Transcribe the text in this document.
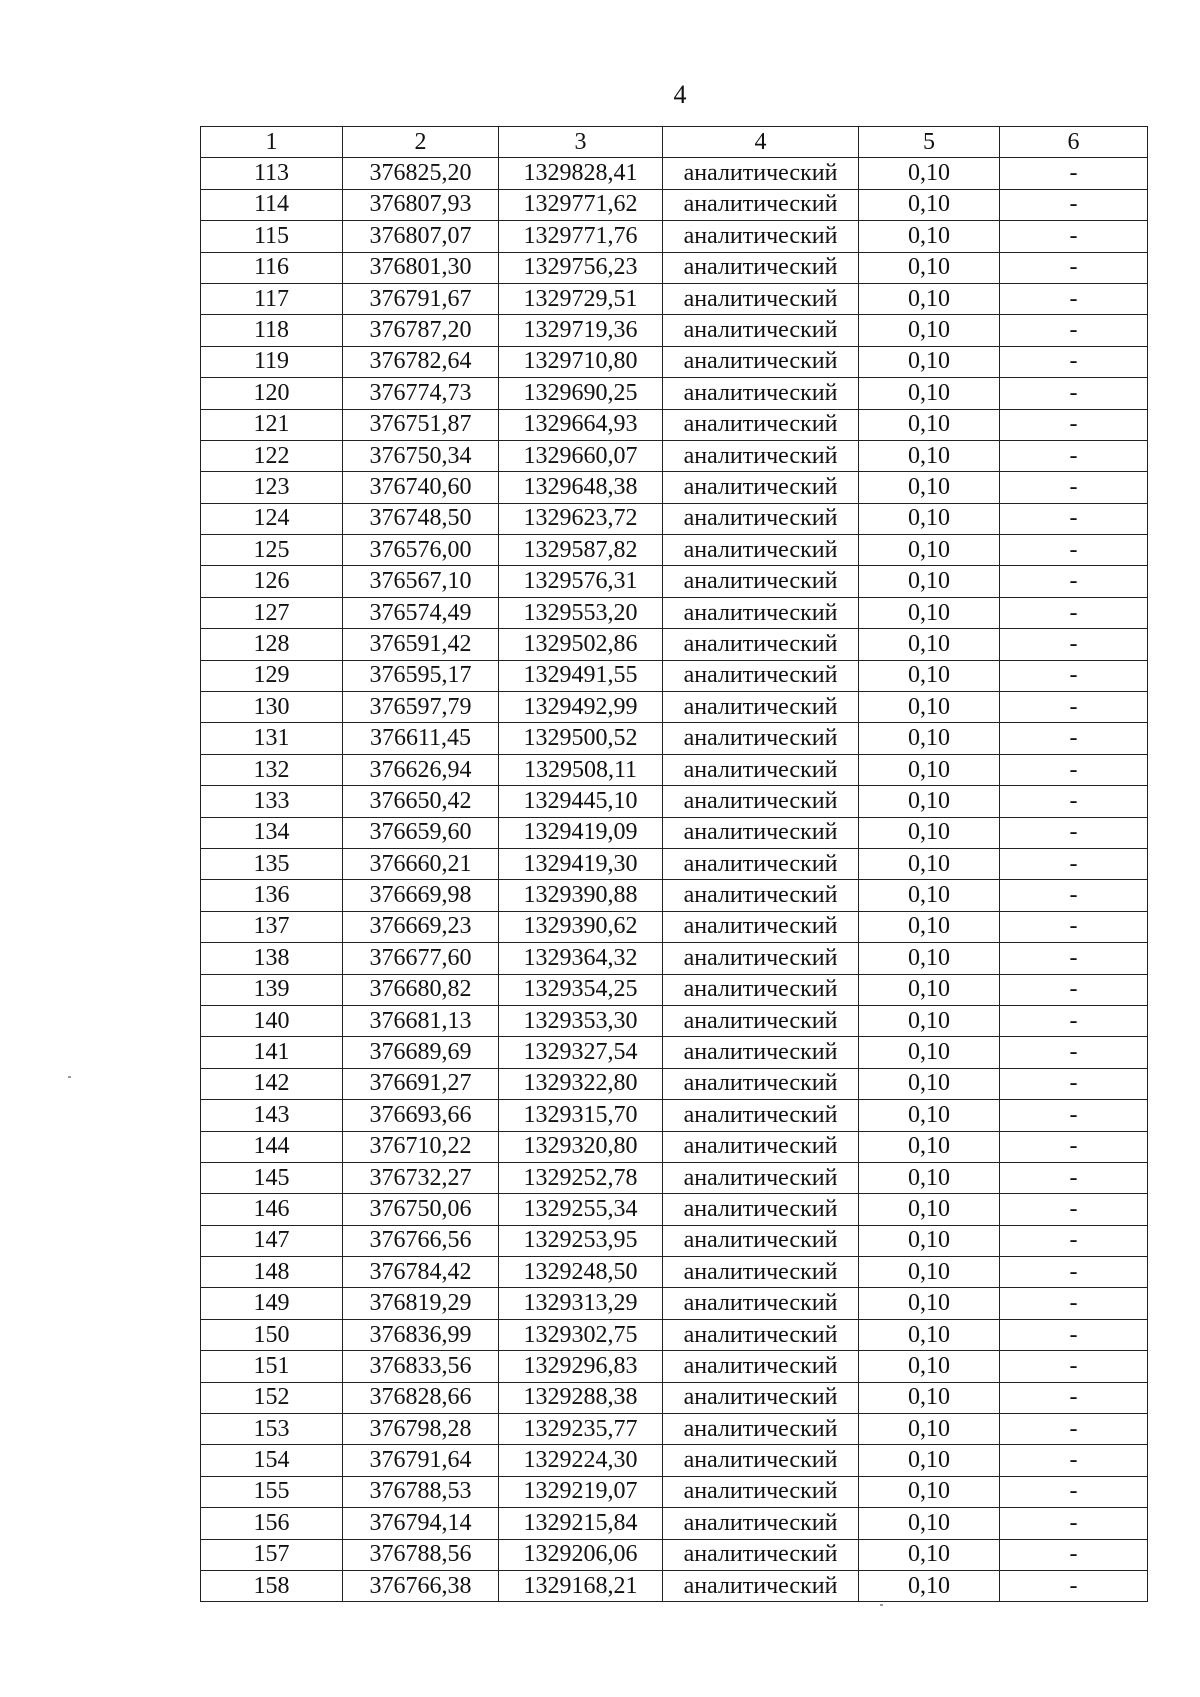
4
1	2	3	4	5	6
113	376825,20	1329828,41	аналитический	0,10	-
114	376807,93	1329771,62	аналитический	0,10	-
115	376807,07	1329771,76	аналитический	0,10	-
116	376801,30	1329756,23	аналитический	0,10	-
117	376791,67	1329729,51	аналитический	0,10	-
118	376787,20	1329719,36	аналитический	0,10	-
119	376782,64	1329710,80	аналитический	0,10	-
120	376774,73	1329690,25	аналитический	0,10	-
121	376751,87	1329664,93	аналитический	0,10	-
122	376750,34	1329660,07	аналитический	0,10	-
123	376740,60	1329648,38	аналитический	0,10	-
124	376748,50	1329623,72	аналитический	0,10	-
125	376576,00	1329587,82	аналитический	0,10	-
126	376567,10	1329576,31	аналитический	0,10	-
127	376574,49	1329553,20	аналитический	0,10	-
128	376591,42	1329502,86	аналитический	0,10	-
129	376595,17	1329491,55	аналитический	0,10	-
130	376597,79	1329492,99	аналитический	0,10	-
131	376611,45	1329500,52	аналитический	0,10	-
132	376626,94	1329508,11	аналитический	0,10	-
133	376650,42	1329445,10	аналитический	0,10	-
134	376659,60	1329419,09	аналитический	0,10	-
135	376660,21	1329419,30	аналитический	0,10	-
136	376669,98	1329390,88	аналитический	0,10	-
137	376669,23	1329390,62	аналитический	0,10	-
138	376677,60	1329364,32	аналитический	0,10	-
139	376680,82	1329354,25	аналитический	0,10	-
140	376681,13	1329353,30	аналитический	0,10	-
141	376689,69	1329327,54	аналитический	0,10	-
142	376691,27	1329322,80	аналитический	0,10	-
143	376693,66	1329315,70	аналитический	0,10	-
144	376710,22	1329320,80	аналитический	0,10	-
145	376732,27	1329252,78	аналитический	0,10	-
146	376750,06	1329255,34	аналитический	0,10	-
147	376766,56	1329253,95	аналитический	0,10	-
148	376784,42	1329248,50	аналитический	0,10	-
149	376819,29	1329313,29	аналитический	0,10	-
150	376836,99	1329302,75	аналитический	0,10	-
151	376833,56	1329296,83	аналитический	0,10	-
152	376828,66	1329288,38	аналитический	0,10	-
153	376798,28	1329235,77	аналитический	0,10	-
154	376791,64	1329224,30	аналитический	0,10	-
155	376788,53	1329219,07	аналитический	0,10	-
156	376794,14	1329215,84	аналитический	0,10	-
157	376788,56	1329206,06	аналитический	0,10	-
158	376766,38	1329168,21	аналитический	0,10	-
